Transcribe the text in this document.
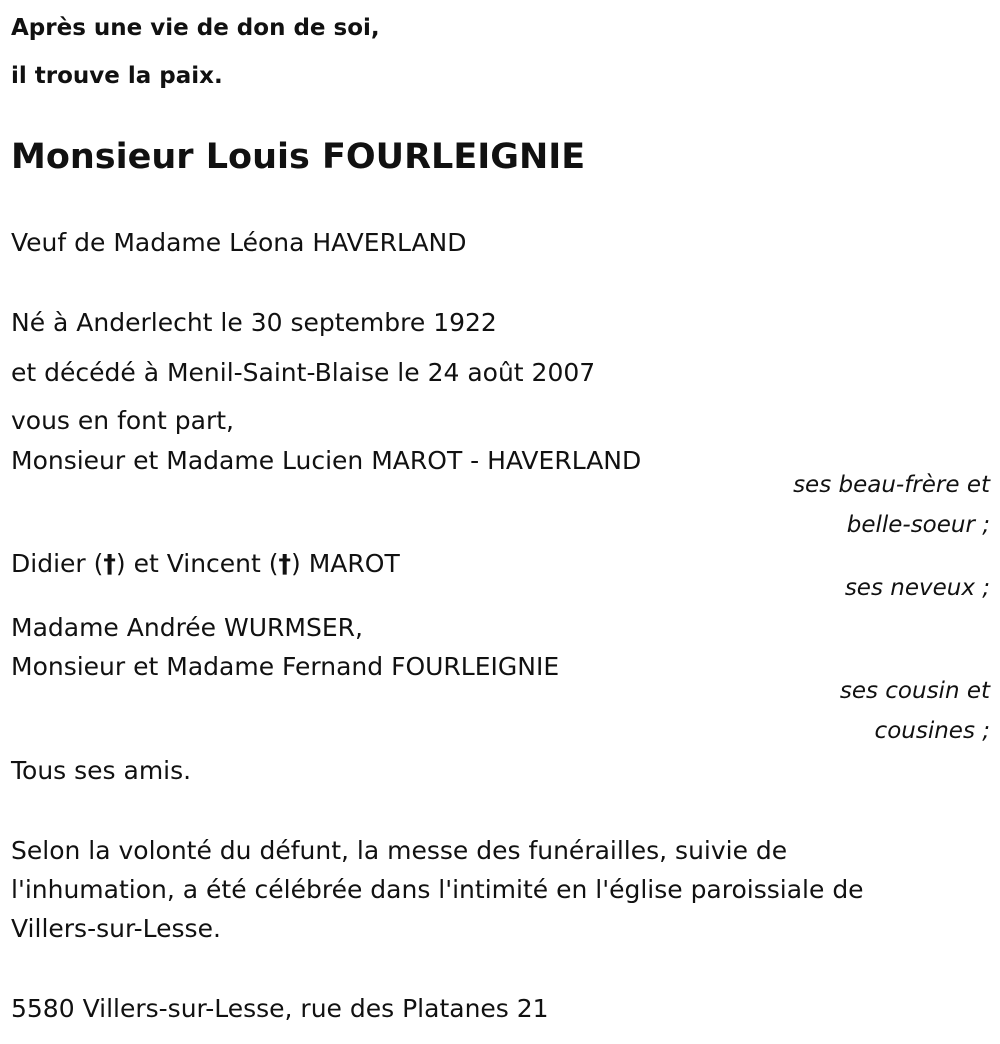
Après une vie de don de soi,
il trouve la paix.
Monsieur Louis FOURLEIGNIE
Veuf de Madame Léona HAVERLAND
Né à Anderlecht le 30 septembre 1922
et décédé à Menil-Saint-Blaise le 24 août 2007
vous en font part,
Monsieur et Madame Lucien MAROT - HAVERLAND
ses beau-frère et
belle-soeur ;
Didier (†) et Vincent (†) MAROT
ses neveux ;
Madame Andrée WURMSER,
Monsieur et Madame Fernand FOURLEIGNIE
ses cousin et
cousines ;
Tous ses amis.
Selon la volonté du défunt, la messe des funérailles, suivie de
l'inhumation, a été célébrée dans l'intimité en l'église paroissiale de
Villers-sur-Lesse.
5580 Villers-sur-Lesse, rue des Platanes 21
